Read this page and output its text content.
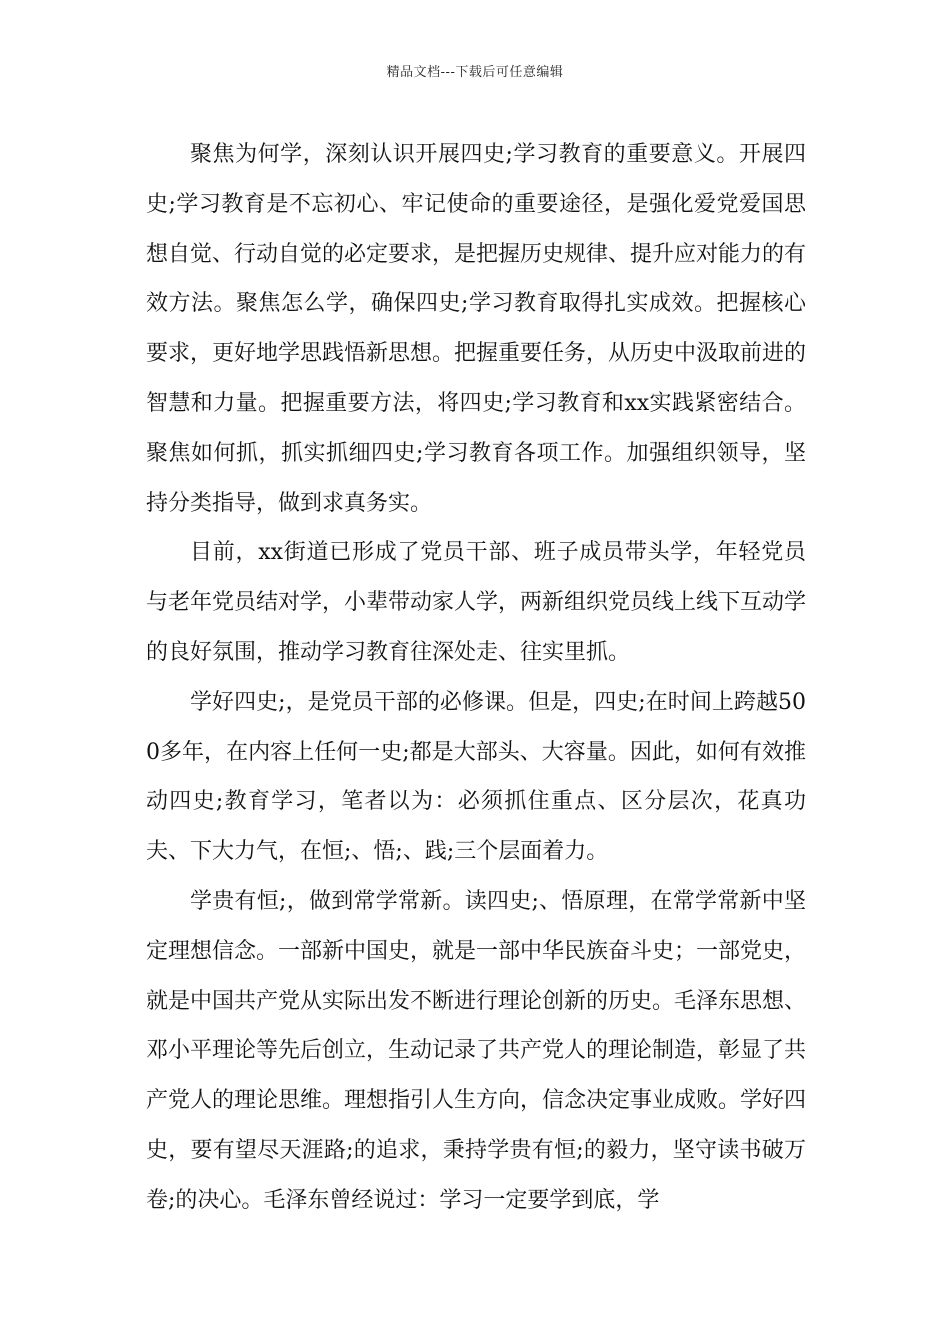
精品文档---下载后可任意编辑

聚焦为何学，深刻认识开展四史;学习教育的重要意义。开展四史;学习教育是不忘初心、牢记使命的重要途径，是强化爱党爱国思想自觉、行动自觉的必定要求，是把握历史规律、提升应对能力的有效方法。聚焦怎么学，确保四史;学习教育取得扎实成效。把握核心要求，更好地学思践悟新思想。把握重要任务，从历史中汲取前进的智慧和力量。把握重要方法，将四史;学习教育和xx实践紧密结合。聚焦如何抓，抓实抓细四史;学习教育各项工作。加强组织领导，坚持分类指导，做到求真务实。

目前，xx街道已形成了党员干部、班子成员带头学，年轻党员与老年党员结对学，小辈带动家人学，两新组织党员线上线下互动学的良好氛围，推动学习教育往深处走、往实里抓。

学好四史;，是党员干部的必修课。但是，四史;在时间上跨越500多年，在内容上任何一史;都是大部头、大容量。因此，如何有效推动四史;教育学习，笔者以为：必须抓住重点、区分层次，花真功夫、下大力气，在恒;、悟;、践;三个层面着力。

学贵有恒;，做到常学常新。读四史;、悟原理，在常学常新中坚定理想信念。一部新中国史，就是一部中华民族奋斗史；一部党史，就是中国共产党从实际出发不断进行理论创新的历史。毛泽东思想、邓小平理论等先后创立，生动记录了共产党人的理论制造，彰显了共产党人的理论思维。理想指引人生方向，信念决定事业成败。学好四史，要有望尽天涯路;的追求，秉持学贵有恒;的毅力，坚守读书破万卷;的决心。毛泽东曾经说过：学习一定要学到底，学
